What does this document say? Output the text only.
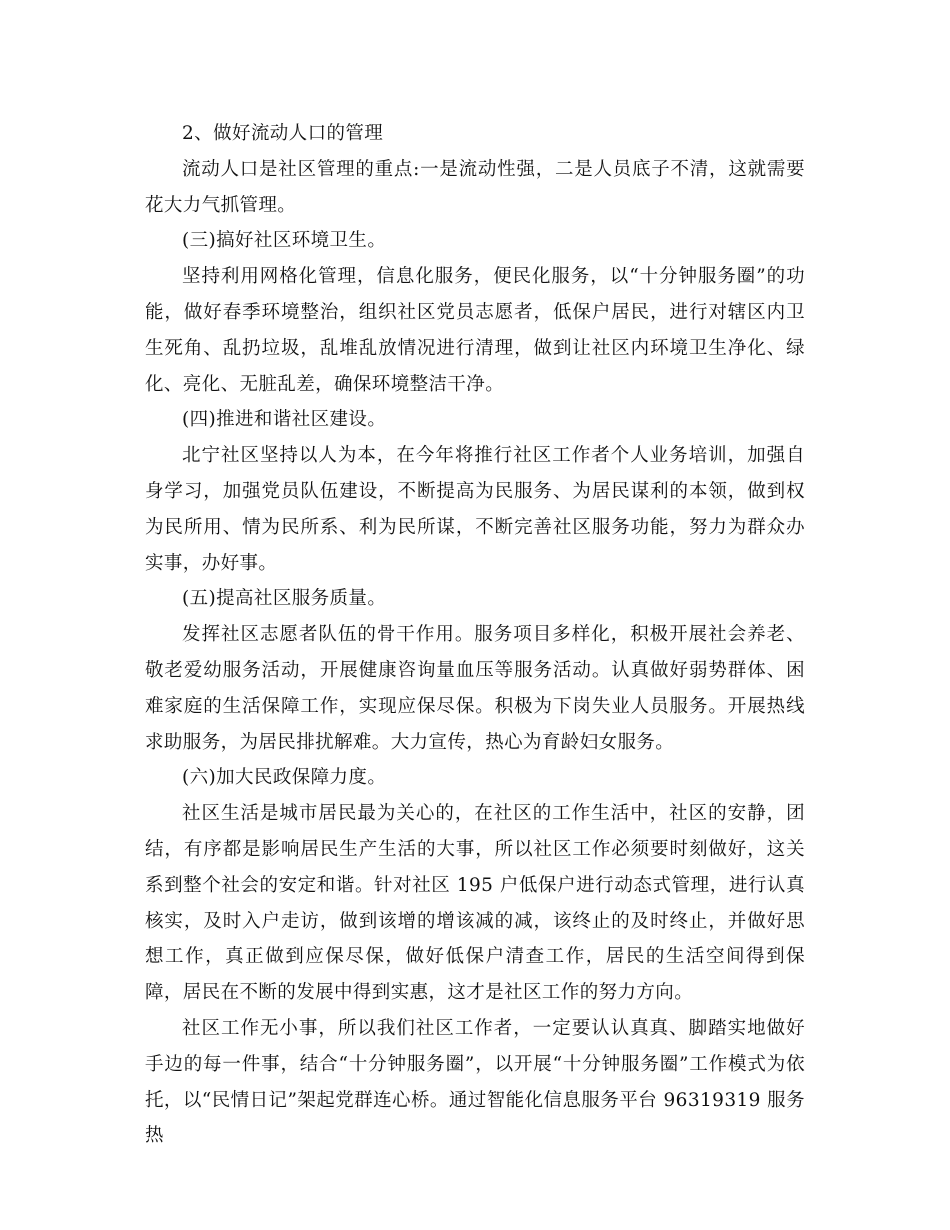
2、做好流动人口的管理

流动人口是社区管理的重点:一是流动性强，二是人员底子不清，这就需要花大力气抓管理。

(三)搞好社区环境卫生。

坚持利用网格化管理，信息化服务，便民化服务，以“十分钟服务圈”的功能，做好春季环境整治，组织社区党员志愿者，低保户居民，进行对辖区内卫生死角、乱扔垃圾，乱堆乱放情况进行清理，做到让社区内环境卫生净化、绿化、亮化、无脏乱差，确保环境整洁干净。

(四)推进和谐社区建设。

北宁社区坚持以人为本，在今年将推行社区工作者个人业务培训，加强自身学习，加强党员队伍建设，不断提高为民服务、为居民谋利的本领，做到权为民所用、情为民所系、利为民所谋，不断完善社区服务功能，努力为群众办实事，办好事。

(五)提高社区服务质量。

发挥社区志愿者队伍的骨干作用。服务项目多样化，积极开展社会养老、敬老爱幼服务活动，开展健康咨询量血压等服务活动。认真做好弱势群体、困难家庭的生活保障工作，实现应保尽保。积极为下岗失业人员服务。开展热线求助服务，为居民排扰解难。大力宣传，热心为育龄妇女服务。

(六)加大民政保障力度。

社区生活是城市居民最为关心的，在社区的工作生活中，社区的安静，团结，有序都是影响居民生产生活的大事，所以社区工作必须要时刻做好，这关系到整个社会的安定和谐。针对社区 195 户低保户进行动态式管理，进行认真核实，及时入户走访，做到该增的增该减的减，该终止的及时终止，并做好思想工作，真正做到应保尽保，做好低保户清查工作，居民的生活空间得到保障，居民在不断的发展中得到实惠，这才是社区工作的努力方向。

社区工作无小事，所以我们社区工作者，一定要认认真真、脚踏实地做好手边的每一件事，结合“十分钟服务圈”，以开展“十分钟服务圈”工作模式为依托，以“民情日记”架起党群连心桥。通过智能化信息服务平台 96319319 服务热
